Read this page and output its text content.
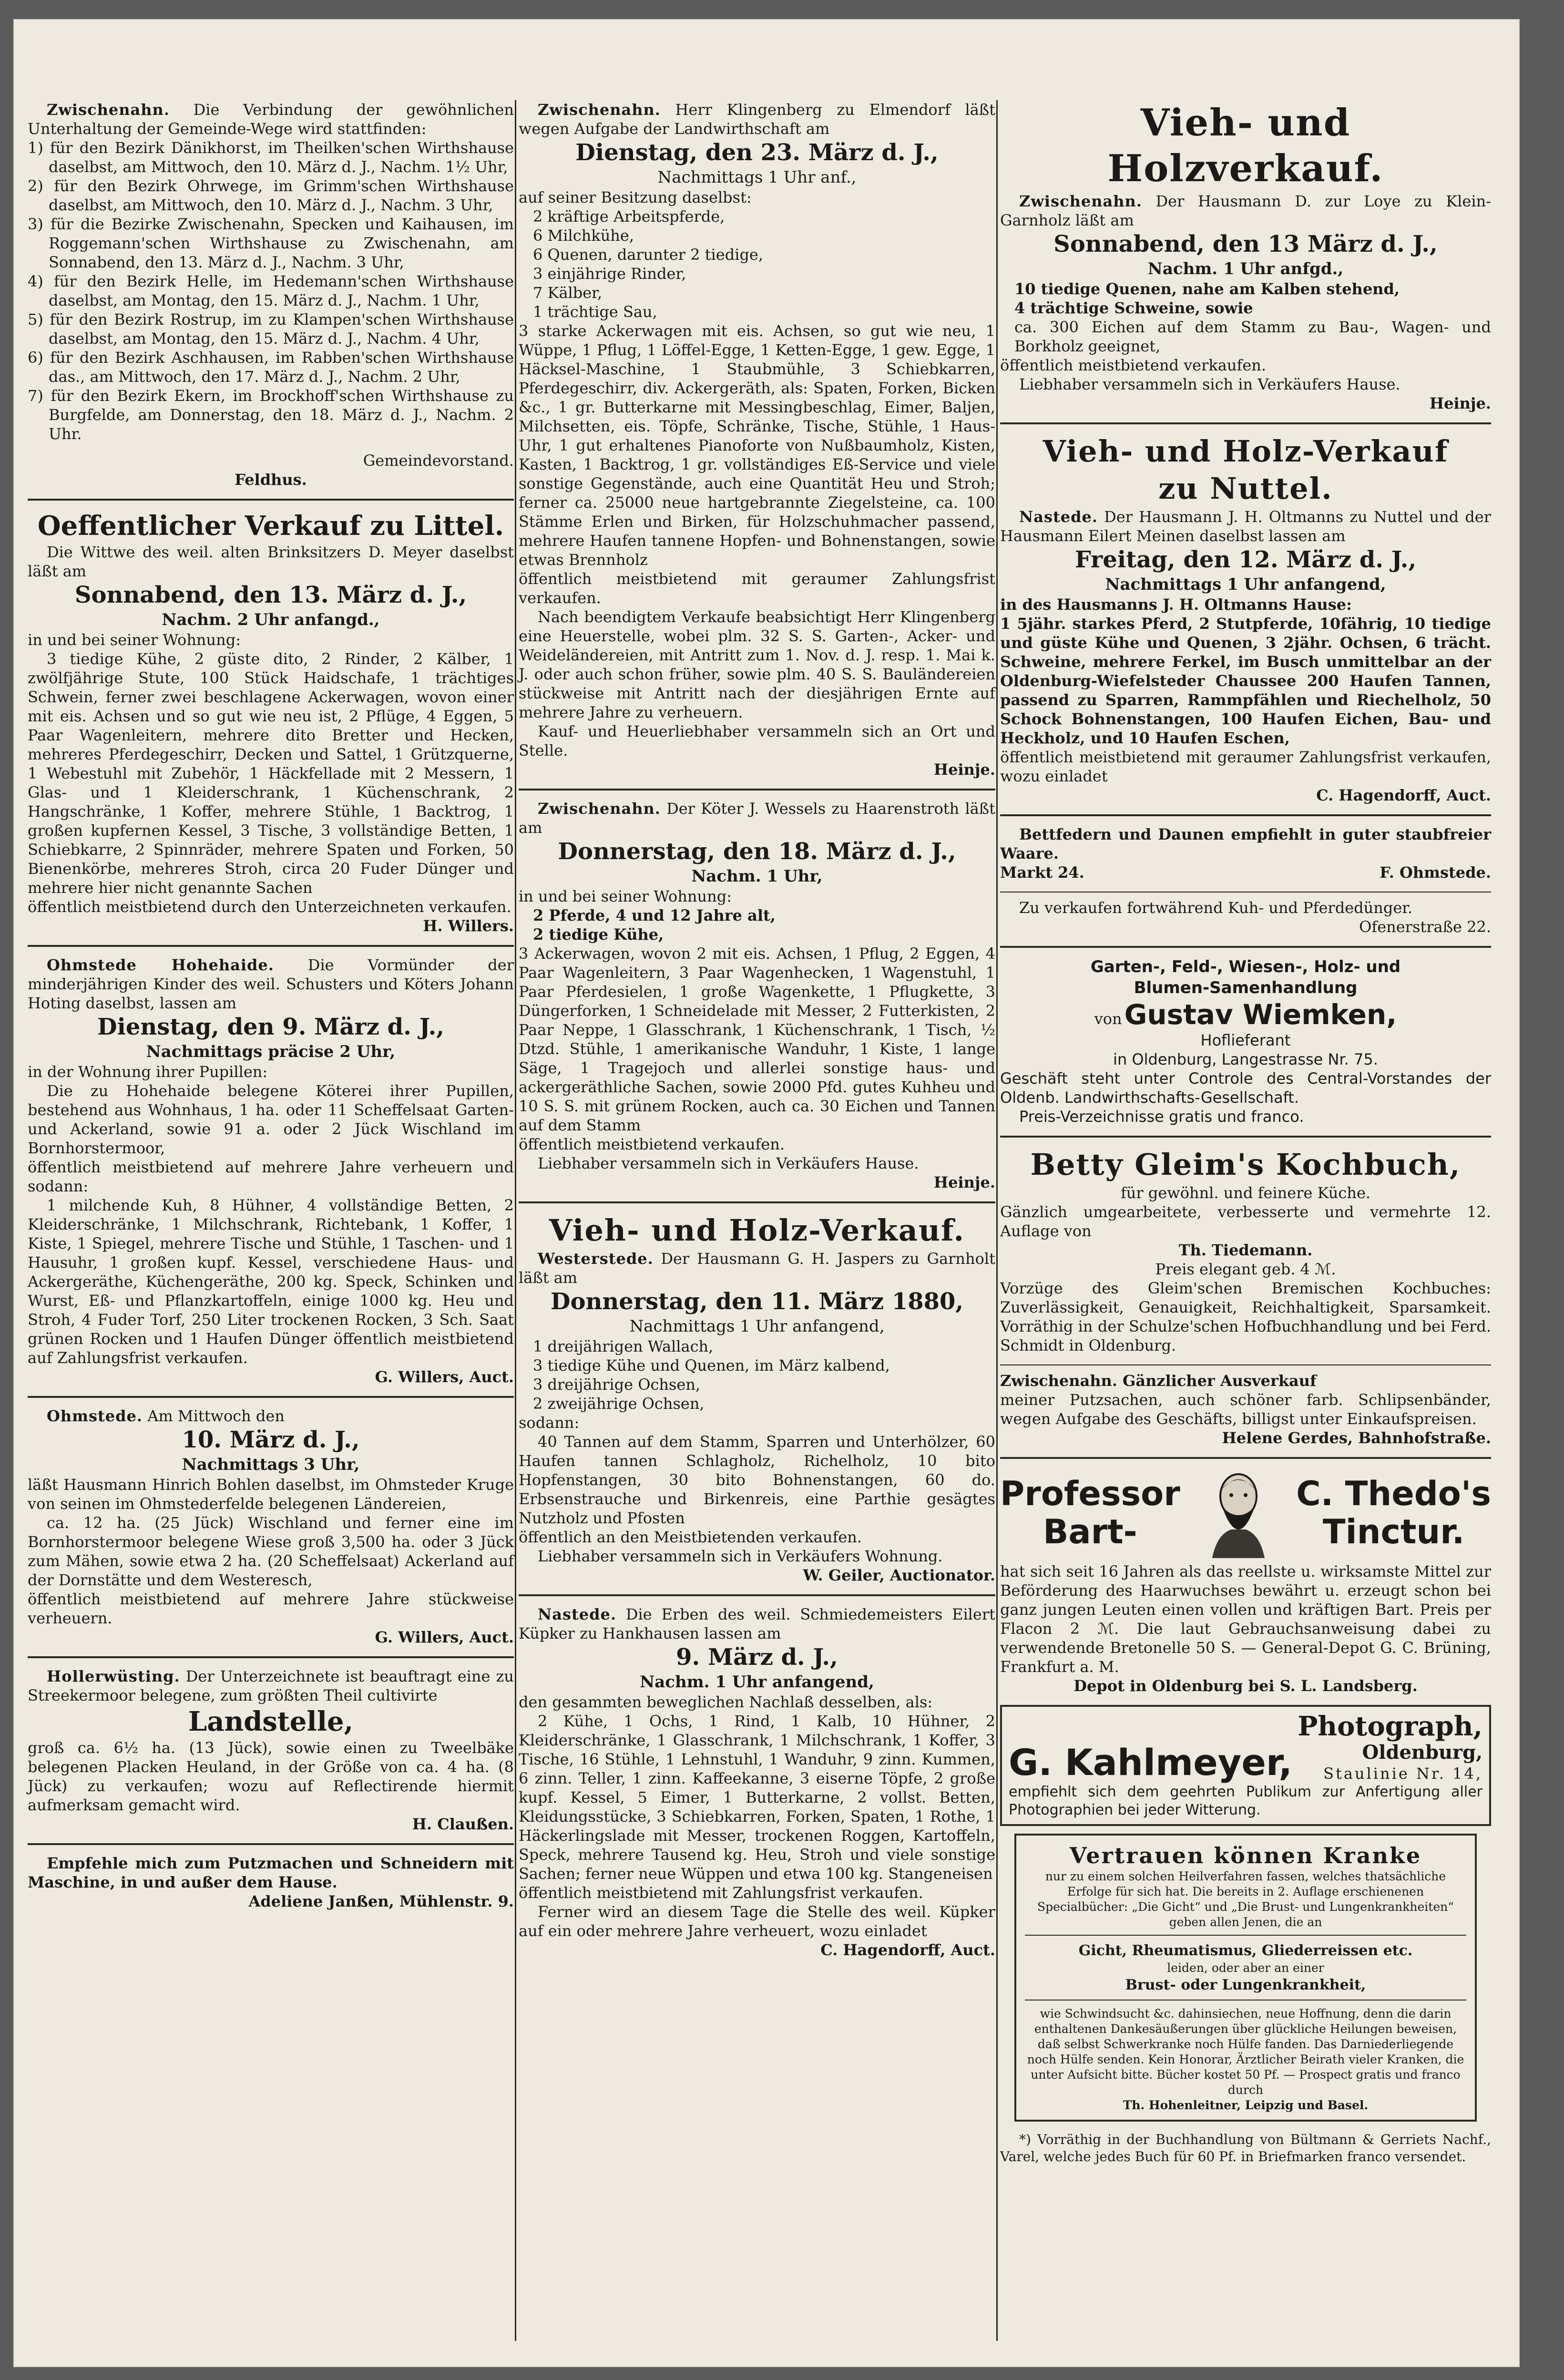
Zwischenahn. Die Verbindung der gewöhnlichen Unterhaltung der Gemeinde-Wege wird stattfinden:

1) für den Bezirk Dänikhorst, im Theilken'schen Wirthshause daselbst, am Mittwoch, den 10. März d. J., Nachm. 1½ Uhr,

2) für den Bezirk Ohrwege, im Grimm'schen Wirthshause daselbst, am Mittwoch, den 10. März d. J., Nachm. 3 Uhr,

3) für die Bezirke Zwischenahn, Specken und Kaihausen, im Roggemann'schen Wirthshause zu Zwischenahn, am Sonnabend, den 13. März d. J., Nachm. 3 Uhr,

4) für den Bezirk Helle, im Hedemann'schen Wirthshause daselbst, am Montag, den 15. März d. J., Nachm. 1 Uhr,

5) für den Bezirk Rostrup, im zu Klampen'schen Wirthshause daselbst, am Montag, den 15. März d. J., Nachm. 4 Uhr,

6) für den Bezirk Aschhausen, im Rabben'schen Wirthshause das., am Mittwoch, den 17. März d. J., Nachm. 2 Uhr,

7) für den Bezirk Ekern, im Brockhoff'schen Wirthshause zu Burgfelde, am Donnerstag, den 18. März d. J., Nachm. 2 Uhr.

Gemeindevorstand.

Feldhus.

Oeffentlicher Verkauf zu Littel.

Die Wittwe des weil. alten Brinksitzers D. Meyer daselbst läßt am

Sonnabend, den 13. März d. J.,
Nachm. 2 Uhr anfangd.,

in und bei seiner Wohnung:

3 tiedige Kühe, 2 güste dito, 2 Rinder, 2 Kälber, 1 zwölfjährige Stute, 100 Stück Haidschafe, 1 trächtiges Schwein, ferner zwei beschlagene Ackerwagen, wovon einer mit eis. Achsen und so gut wie neu ist, 2 Pflüge, 4 Eggen, 5 Paar Wagenleitern, mehrere dito Bretter und Hecken, mehreres Pferdegeschirr, Decken und Sattel, 1 Grützquerne, 1 Webestuhl mit Zubehör, 1 Häckfellade mit 2 Messern, 1 Glas- und 1 Kleiderschrank, 1 Küchenschrank, 2 Hangschränke, 1 Koffer, mehrere Stühle, 1 Backtrog, 1 großen kupfernen Kessel, 3 Tische, 3 vollständige Betten, 1 Schiebkarre, 2 Spinnräder, mehrere Spaten und Forken, 50 Bienenkörbe, mehreres Stroh, circa 20 Fuder Dünger und mehrere hier nicht genannte Sachen

öffentlich meistbietend durch den Unterzeichneten verkaufen.

H. Willers.

Ohmstede Hohehaide. Die Vormünder der minderjährigen Kinder des weil. Schusters und Köters Johann Hoting daselbst, lassen am

Dienstag, den 9. März d. J.,
Nachmittags präcise 2 Uhr,

in der Wohnung ihrer Pupillen:

Die zu Hohehaide belegene Köterei ihrer Pupillen, bestehend aus Wohnhaus, 1 ha. oder 11 Scheffelsaat Garten- und Ackerland, sowie 91 a. oder 2 Jück Wischland im Bornhorstermoor,

öffentlich meistbietend auf mehrere Jahre verheuern und sodann:

1 milchende Kuh, 8 Hühner, 4 vollständige Betten, 2 Kleiderschränke, 1 Milchschrank, Richtebank, 1 Koffer, 1 Kiste, 1 Spiegel, mehrere Tische und Stühle, 1 Taschen- und 1 Hausuhr, 1 großen kupf. Kessel, verschiedene Haus- und Ackergeräthe, Küchengeräthe, 200 kg. Speck, Schinken und Wurst, Eß- und Pflanzkartoffeln, einige 1000 kg. Heu und Stroh, 4 Fuder Torf, 250 Liter trockenen Rocken, 3 Sch. Saat grünen Rocken und 1 Haufen Dünger öffentlich meistbietend auf Zahlungsfrist verkaufen.

G. Willers, Auct.

Ohmstede. Am Mittwoch den

10. März d. J.,
Nachmittags 3 Uhr,

läßt Hausmann Hinrich Bohlen daselbst, im Ohmsteder Kruge von seinen im Ohmstederfelde belegenen Ländereien,

ca. 12 ha. (25 Jück) Wischland und ferner eine im Bornhorstermoor belegene Wiese groß 3,500 ha. oder 3 Jück zum Mähen, sowie etwa 2 ha. (20 Scheffelsaat) Ackerland auf der Dornstätte und dem Westeresch,

öffentlich meistbietend auf mehrere Jahre stückweise verheuern.

G. Willers, Auct.

Hollerwüsting. Der Unterzeichnete ist beauftragt eine zu Streekermoor belegene, zum größten Theil cultivirte

Landstelle,

groß ca. 6½ ha. (13 Jück), sowie einen zu Tweelbäke belegenen Placken Heuland, in der Größe von ca. 4 ha. (8 Jück) zu verkaufen; wozu auf Reflectirende hiermit aufmerksam gemacht wird.

H. Claußen.

Empfehle mich zum Putzmachen und Schneidern mit Maschine, in und außer dem Hause.

Adeliene Janßen, Mühlenstr. 9.

Zwischenahn. Herr Klingenberg zu Elmendorf läßt wegen Aufgabe der Landwirthschaft am

Dienstag, den 23. März d. J.,
Nachmittags 1 Uhr anf.,

auf seiner Besitzung daselbst:

2 kräftige Arbeitspferde,

6 Milchkühe,

6 Quenen, darunter 2 tiedige,

3 einjährige Rinder,

7 Kälber,

1 trächtige Sau,

3 starke Ackerwagen mit eis. Achsen, so gut wie neu, 1 Wüppe, 1 Pflug, 1 Löffel-Egge, 1 Ketten-Egge, 1 gew. Egge, 1 Häcksel-Maschine, 1 Staubmühle, 3 Schiebkarren, Pferdegeschirr, div. Ackergeräth, als: Spaten, Forken, Bicken &c., 1 gr. Butterkarne mit Messingbeschlag, Eimer, Baljen, Milchsetten, eis. Töpfe, Schränke, Tische, Stühle, 1 Haus-Uhr, 1 gut erhaltenes Pianoforte von Nußbaumholz, Kisten, Kasten, 1 Backtrog, 1 gr. vollständiges Eß-Service und viele sonstige Gegenstände, auch eine Quantität Heu und Stroh; ferner ca. 25000 neue hartgebrannte Ziegelsteine, ca. 100 Stämme Erlen und Birken, für Holzschuhmacher passend, mehrere Haufen tannene Hopfen- und Bohnenstangen, sowie etwas Brennholz

öffentlich meistbietend mit geraumer Zahlungsfrist verkaufen.

Nach beendigtem Verkaufe beabsichtigt Herr Klingenberg eine Heuerstelle, wobei plm. 32 S. S. Garten-, Acker- und Weideländereien, mit Antritt zum 1. Nov. d. J. resp. 1. Mai k. J. oder auch schon früher, sowie plm. 40 S. S. Bauländereien stückweise mit Antritt nach der diesjährigen Ernte auf mehrere Jahre zu verheuern.

Kauf- und Heuerliebhaber versammeln sich an Ort und Stelle.

Heinje.

Zwischenahn. Der Köter J. Wessels zu Haarenstroth läßt am

Donnerstag, den 18. März d. J.,
Nachm. 1 Uhr,

in und bei seiner Wohnung:

2 Pferde, 4 und 12 Jahre alt,

2 tiedige Kühe,

3 Ackerwagen, wovon 2 mit eis. Achsen, 1 Pflug, 2 Eggen, 4 Paar Wagenleitern, 3 Paar Wagenhecken, 1 Wagenstuhl, 1 Paar Pferdesielen, 1 große Wagenkette, 1 Pflugkette, 3 Düngerforken, 1 Schneidelade mit Messer, 2 Futterkisten, 2 Paar Neppe, 1 Glasschrank, 1 Küchenschrank, 1 Tisch, ½ Dtzd. Stühle, 1 amerikanische Wanduhr, 1 Kiste, 1 lange Säge, 1 Tragejoch und allerlei sonstige haus- und ackergeräthliche Sachen, sowie 2000 Pfd. gutes Kuhheu und 10 S. S. mit grünem Rocken, auch ca. 30 Eichen und Tannen auf dem Stamm

öffentlich meistbietend verkaufen.

Liebhaber versammeln sich in Verkäufers Hause.

Heinje.

Vieh- und Holz-Verkauf.

Westerstede. Der Hausmann G. H. Jaspers zu Garnholt läßt am

Donnerstag, den 11. März 1880,
Nachmittags 1 Uhr anfangend,

1 dreijährigen Wallach,

3 tiedige Kühe und Quenen, im März kalbend,

3 dreijährige Ochsen,

2 zweijährige Ochsen,

sodann:

40 Tannen auf dem Stamm, Sparren und Unterhölzer, 60 Haufen tannen Schlagholz, Richelholz, 10 bito Hopfenstangen, 30 bito Bohnenstangen, 60 do. Erbsenstrauche und Birkenreis, eine Parthie gesägtes Nutzholz und Pfosten

öffentlich an den Meistbietenden verkaufen.

Liebhaber versammeln sich in Verkäufers Wohnung.

W. Geiler, Auctionator.

Nastede. Die Erben des weil. Schmiedemeisters Eilert Küpker zu Hankhausen lassen am

9. März d. J.,
Nachm. 1 Uhr anfangend,

den gesammten beweglichen Nachlaß desselben, als:

2 Kühe, 1 Ochs, 1 Rind, 1 Kalb, 10 Hühner, 2 Kleiderschränke, 1 Glasschrank, 1 Milchschrank, 1 Koffer, 3 Tische, 16 Stühle, 1 Lehnstuhl, 1 Wanduhr, 9 zinn. Kummen, 6 zinn. Teller, 1 zinn. Kaffeekanne, 3 eiserne Töpfe, 2 große kupf. Kessel, 5 Eimer, 1 Butterkarne, 2 vollst. Betten, Kleidungsstücke, 3 Schiebkarren, Forken, Spaten, 1 Rothe, 1 Häckerlingslade mit Messer, trockenen Roggen, Kartoffeln, Speck, mehrere Tausend kg. Heu, Stroh und viele sonstige Sachen; ferner neue Wüppen und etwa 100 kg. Stangeneisen

öffentlich meistbietend mit Zahlungsfrist verkaufen.

Ferner wird an diesem Tage die Stelle des weil. Küpker auf ein oder mehrere Jahre verheuert, wozu einladet

C. Hagendorff, Auct.

Vieh- und Holzverkauf.

Zwischenahn. Der Hausmann D. zur Loye zu Klein-Garnholz läßt am

Sonnabend, den 13 März d. J.,
Nachm. 1 Uhr anfgd.,

10 tiedige Quenen, nahe am Kalben stehend,

4 trächtige Schweine, sowie

ca. 300 Eichen auf dem Stamm zu Bau-, Wagen- und Borkholz geeignet,

öffentlich meistbietend verkaufen.

Liebhaber versammeln sich in Verkäufers Hause.

Heinje.

Vieh- und Holz-Verkauf
zu Nuttel.

Nastede. Der Hausmann J. H. Oltmanns zu Nuttel und der Hausmann Eilert Meinen daselbst lassen am

Freitag, den 12. März d. J.,
Nachmittags 1 Uhr anfangend,

in des Hausmanns J. H. Oltmanns Hause:

1 5jähr. starkes Pferd, 2 Stutpferde, 10fährig, 10 tiedige und güste Kühe und Quenen, 3 2jähr. Ochsen, 6 trächt. Schweine, mehrere Ferkel, im Busch unmittelbar an der Oldenburg-Wiefelsteder Chaussee 200 Haufen Tannen, passend zu Sparren, Rammpfählen und Riechelholz, 50 Schock Bohnenstangen, 100 Haufen Eichen, Bau- und Heckholz, und 10 Haufen Eschen,

öffentlich meistbietend mit geraumer Zahlungsfrist verkaufen, wozu einladet

C. Hagendorff, Auct.

Bettfedern und Daunen empfiehlt in guter staubfreier Waare.

Markt 24.	F. Ohmstede.

Zu verkaufen fortwährend Kuh- und Pferdedünger.

Ofenerstraße 22.

Garten-, Feld-, Wiesen-, Holz- und
Blumen-Samenhandlung
von Gustav Wiemken,

Hoflieferant

in Oldenburg, Langestrasse Nr. 75.

Geschäft steht unter Controle des Central-Vorstandes der Oldenb. Landwirthschafts-Gesellschaft.

Preis-Verzeichnisse gratis und franco.

Betty Gleim's Kochbuch,

für gewöhnl. und feinere Küche.

Gänzlich umgearbeitete, verbesserte und vermehrte 12. Auflage von

Th. Tiedemann.

Preis elegant geb. 4 ℳ.

Vorzüge des Gleim'schen Bremischen Kochbuches: Zuverlässigkeit, Genauigkeit, Reichhaltigkeit, Sparsamkeit. Vorräthig in der Schulze'schen Hofbuchhandlung und bei Ferd. Schmidt in Oldenburg.

Zwischenahn. Gänzlicher Ausverkauf

meiner Putzsachen, auch schöner farb. Schlipsenbänder, wegen Aufgabe des Geschäfts, billigst unter Einkaufspreisen.

Helene Gerdes, Bahnhofstraße.

Professor
Bart-
C. Thedo's
Tinctur.

hat sich seit 16 Jahren als das reellste u. wirksamste Mittel zur Beförderung des Haarwuchses bewährt u. erzeugt schon bei ganz jungen Leuten einen vollen und kräftigen Bart. Preis per Flacon 2 ℳ. Die laut Gebrauchsanweisung dabei zu verwendende Bretonelle 50 S. — General-Depot G. C. Brüning, Frankfurt a. M.

Depot in Oldenburg bei S. L. Landsberg.

G. Kahlmeyer,
Photograph,
Oldenburg,
Staulinie Nr. 14,

empfiehlt sich dem geehrten Publikum zur Anfertigung aller Photographien bei jeder Witterung.

Vertrauen können Kranke

nur zu einem solchen Heilverfahren fassen, welches thatsächliche Erfolge für sich hat. Die bereits in 2. Auflage erschienenen Specialbücher: „Die Gicht“ und „Die Brust- und Lungenkrankheiten“ geben allen Jenen, die an

Gicht, Rheumatismus, Gliederreissen etc.

leiden, oder aber an einer

Brust- oder Lungenkrankheit,

wie Schwindsucht &c. dahinsiechen, neue Hoffnung, denn die darin enthaltenen Dankesäußerungen über glückliche Heilungen beweisen, daß selbst Schwerkranke noch Hülfe fanden. Das Darniederliegende noch Hülfe senden. Kein Honorar, Ärztlicher Beirath vieler Kranken, die unter Aufsicht bitte. Bücher kostet 50 Pf. — Prospect gratis und franco durch

Th. Hohenleitner, Leipzig und Basel.

*) Vorräthig in der Buchhandlung von Bültmann & Gerriets Nachf., Varel, welche jedes Buch für 60 Pf. in Briefmarken franco versendet.
